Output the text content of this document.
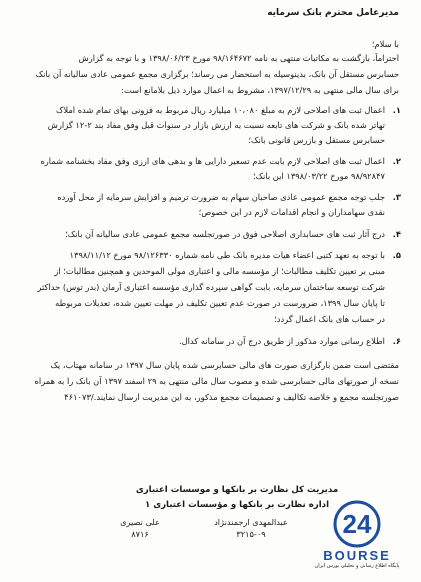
مدیرعامل محترم بانک سرمایه
با سلام؛
احتراماً، بازگشت به مکاتبات منتهی به نامه ۹۸/۱۶۴۶۷۲ مورخ ۱۳۹۸/۰۶/۲۳ و با توجه به گزارش
حسابرس مستقل آن بانک، بدینوسیله به استحضار می رساند؛ برگزاری مجمع عمومی عادی سالیانه آن بانک
برای سال مالی منتهی به ۱۳۹۷/۱۲/۲۹، مشروط به اعمال موارد ذیل بلامانع است:
۱.
اعمال ثبت های اصلاحی لازم به مبلغ ۱۰،۰۸۰ میلیارد ریال مربوط به فزونی بهای تمام شده املاک
تهاتر شده بانک و شرکت های تابعه نسبت به ارزش بازار در سنوات قبل وفق مفاد بند ۲-۱۲ گزارش
حسابرس مستقل و بازرس قانونی بانک؛
۲.
اعمال ثبت های اصلاحی لازم بابت عدم تسعیر دارایی ها و بدهی های ارزی وفق مفاد بخشنامه شماره
۹۸/۹۲۸۴۷ مورخ ۱۳۹۸/۰۳/۲۲ این بانک؛
۳.
جلب توجه مجمع عمومی عادی صاحبان سهام به ضرورت ترمیم و افزایش سرمایه از محل آورده
نقدی سهامداران و انجام اقدامات لازم در این خصوص؛
۴.
درج آثار ثبت های حسابداری اصلاحی فوق در صورتجلسه مجمع عمومی عادی سالیانه آن بانک؛
۵.
با توجه به تعهد کتبی اعضاء هیات مدیره بانک طی نامه شماره ۹۸/۱۲۶۳۳۰ مورخ ۱۳۹۸/۱۱/۱۲
مبنی بر تعیین تکلیف مطالبات؛ از مؤسسه مالی و اعتباری مولی الموحدین و همچنین مطالبات؛ از
شرکت توسعه ساختمان سرمایه، بابت گواهی سپرده گذاری مؤسسه اعتباری آرمان (بدر توس) حداکثر
تا پایان سال ۱۳۹۹، ضرورست در صورت عدم تعیین تکلیف در مهلت تعیین شده، تعدیلات مربوطه
در حساب های بانک اعمال گردد؛
۶.
اطلاع رسانی موارد مذکور از طریق درج آن در سامانه کدال.
مقتضی است ضمن بارگزاری صورت های مالی حسابرسی شده پایان سال ۱۳۹۷ در سامانه مهتاب، یک
نسخه از صورتهای مالی حسابرسی شده و مصوب سال مالی منتهی به ۲۹ اسفند ۱۳۹۷ آن بانک را به همراه
صورتجلسه مجمع و خلاصه تکالیف و تصمیمات مجمع مذکور، به این مدیریت ارسال نمایند./۴۶۱۰۷۳
مدیریت کل نظارت بر بانکها و موسسات اعتباری
اداره نظارت بر بانکها و مؤسسات اعتباری ۱
علی نصیری
۸۷۱۶
عبدالمهدی ارجمندنژاد
۳۲۱۵-۰۹	24
BOURSE
پایگاه اطلاع رسانی و تحلیلی بورس ایران
